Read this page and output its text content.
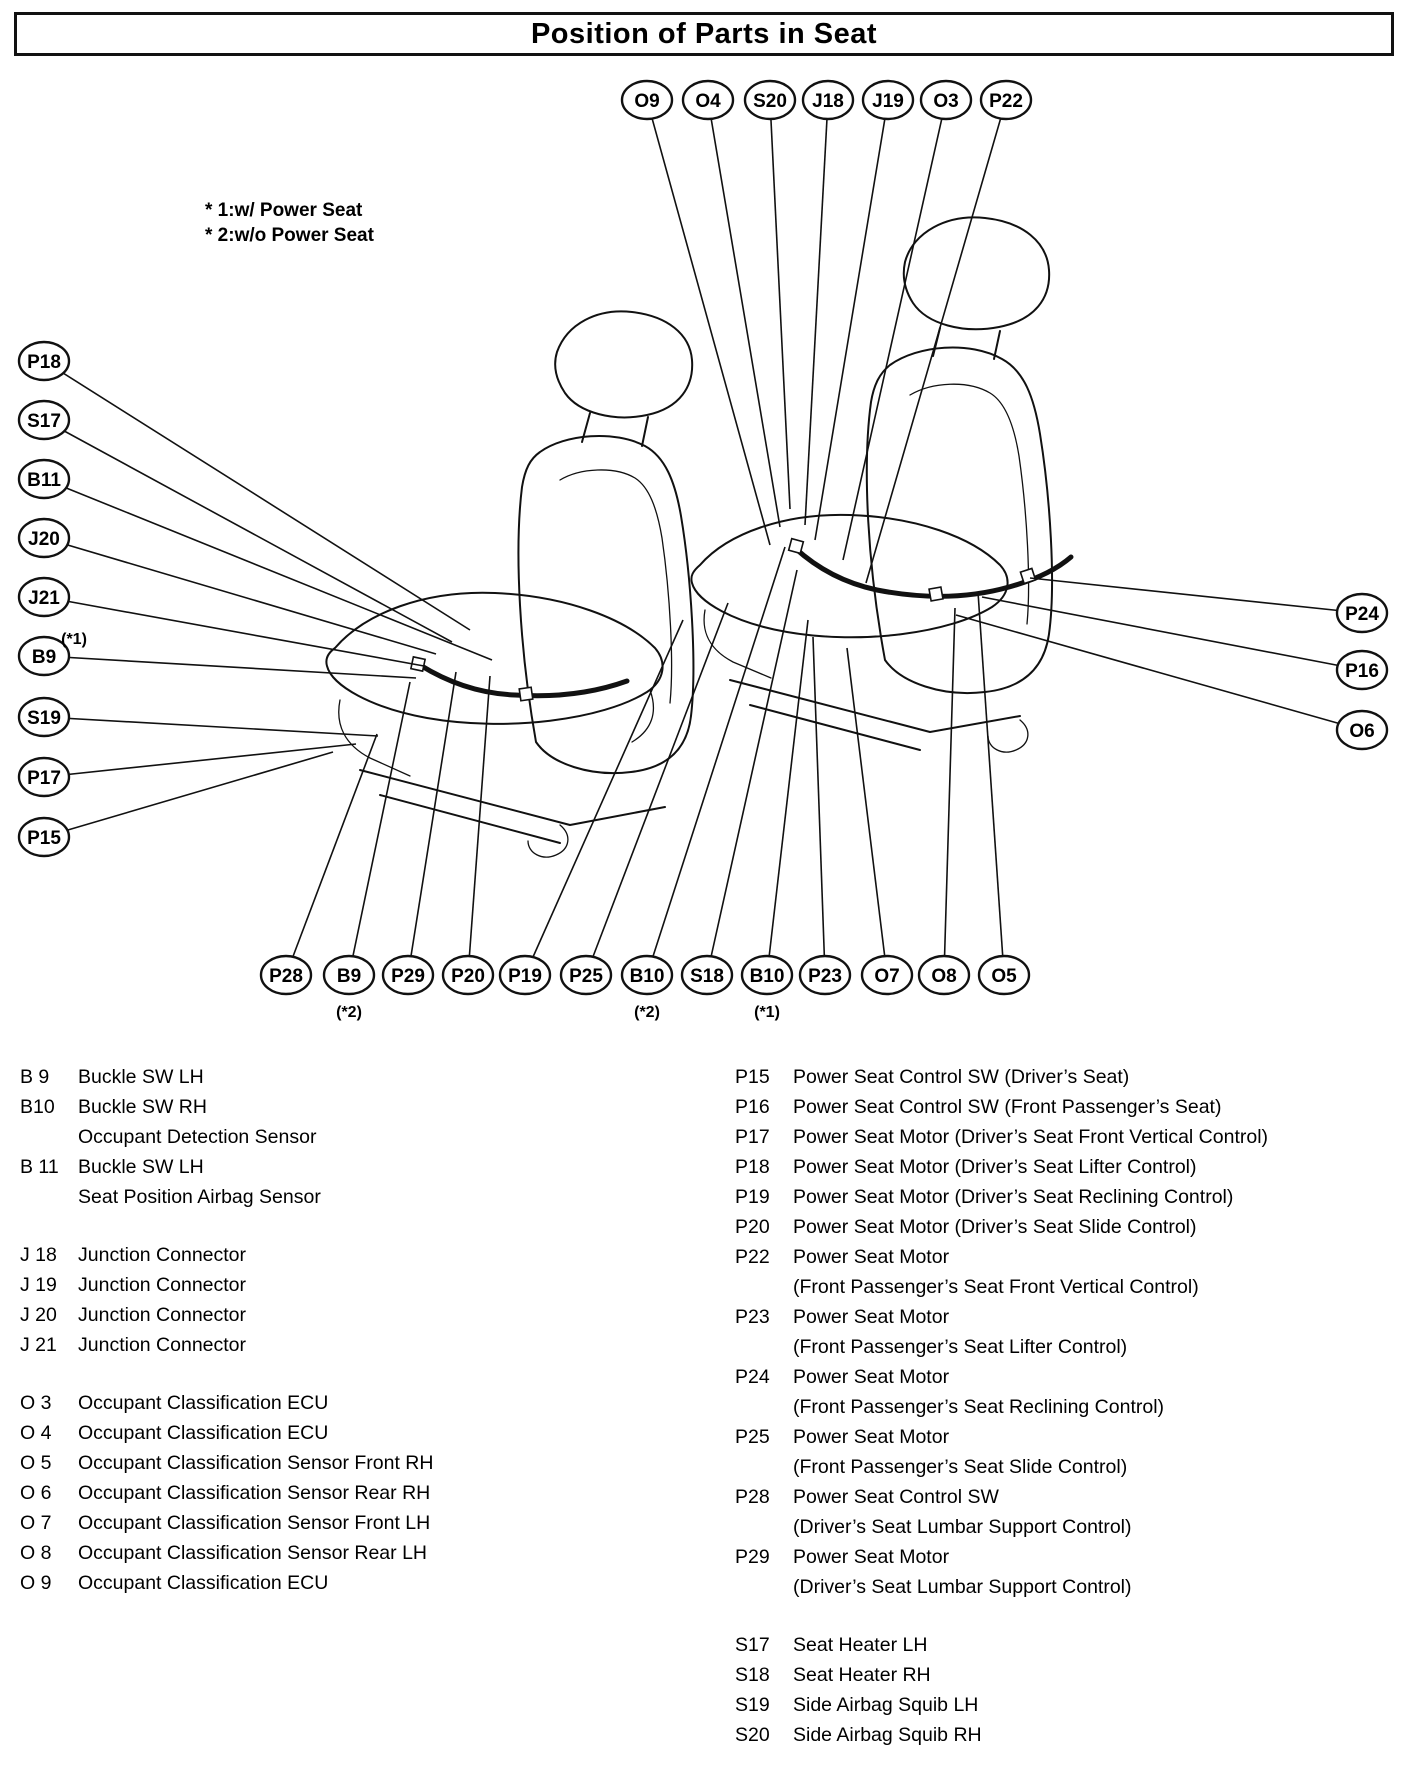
Position of Parts in Seat
O9 O4 S20 J18 J19 O3 P22
P18
S17
B11
J20
J21
B9
(*1)
S19
P17
P15
P24
P16
O6
P28 B9
(*2)
P29 P20 P19 P25 B10
(*2)
S18 B10
(*1)
P23 O7 O8 O5
* 1:w/ Power Seat
* 2:w/o Power Seat
B 9	Buckle SW LH
B10	Buckle SW RH
Occupant Detection Sensor
B 11 Buckle SW LH
Seat Position Airbag Sensor
J 18	Junction Connector
J 19	Junction Connector
J 20	Junction Connector
J 21	Junction Connector
O 3	Occupant Classification ECU
O 4	Occupant Classification ECU
O 5	Occupant Classification Sensor Front RH
O 6	Occupant Classification Sensor Rear RH
O 7	Occupant Classification Sensor Front LH
O 8	Occupant Classification Sensor Rear LH
O 9	Occupant Classification ECU
P15	Power Seat Control SW (Driver’s Seat)
P16	Power Seat Control SW (Front Passenger’s Seat)
P17	Power Seat Motor (Driver’s Seat Front Vertical Control)
P18	Power Seat Motor (Driver’s Seat Lifter Control)
P19	Power Seat Motor (Driver’s Seat Reclining Control)
P20	Power Seat Motor (Driver’s Seat Slide Control)
P22	Power Seat Motor
(Front Passenger’s Seat Front Vertical Control)
P23	Power Seat Motor
(Front Passenger’s Seat Lifter Control)
P24	Power Seat Motor
(Front Passenger’s Seat Reclining Control)
P25	Power Seat Motor
(Front Passenger’s Seat Slide Control)
P28	Power Seat Control SW
(Driver’s Seat Lumbar Support Control)
P29	Power Seat Motor
(Driver’s Seat Lumbar Support Control)
S17	Seat Heater LH
S18	Seat Heater RH
S19	Side Airbag Squib LH
S20	Side Airbag Squib RH
